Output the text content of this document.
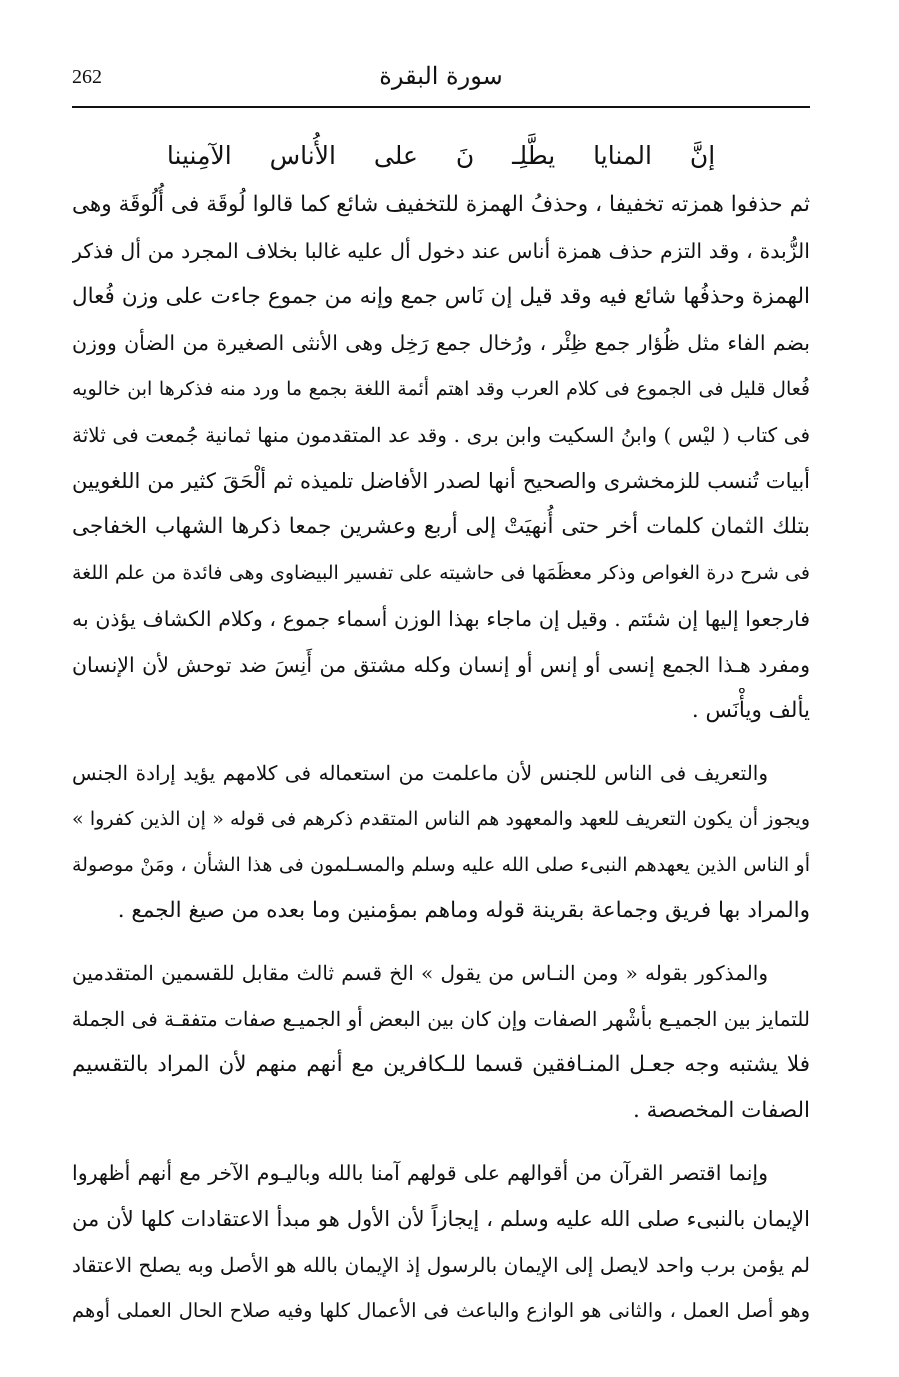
262	سورة البقرة
إنَّ المنايا يطَّلِـ نَ على الأُناس الآمِنينا
ثم حذفوا همزته تخفيفا ، وحذفُ الهمزة للتخفيف شائع كما قالوا لُوقَة فى أُلُوقَة وهى
الزُّبدة ، وقد التزم حذف همزة أناس عند دخول أل عليه غالبا بخلاف المجرد من أل فذكر
الهمزة وحذفُها شائع فيه وقد قيل إن نَاس جمع وإنه من جموع جاءت على وزن فُعال
بضم الفاء مثل ظُؤار جمع ظِئْر ، ورُخال جمع رَخِل وهى الأنثى الصغيرة من الضأن ووزن
فُعال قليل فى الجموع فى كلام العرب وقد اهتم أئمة اللغة بجمع ما ورد منه فذكرها ابن خالويه
فى كتاب ( ليْس ) وابنُ السكيت وابن برى . وقد عد المتقدمون منها ثمانية جُمعت فى ثلاثة
أبيات تُنسب للزمخشرى والصحيح أنها لصدر الأفاضل تلميذه ثم ألْحَقَ كثير من اللغويين
بتلك الثمان كلمات أخر حتى أُنهيَتْ إلى أربع وعشرين جمعا ذكرها الشهاب الخفاجى
فى شرح درة الغواص وذكر معظَمَها فى حاشيته على تفسير البيضاوى وهى فائدة من علم اللغة
فارجعوا إليها إن شئتم . وقيل إن ماجاء بهذا الوزن أسماء جموع ، وكلام الكشاف يؤذن به
ومفرد هـذا الجمع إنسى أو إنس أو إنسان وكله مشتق من أَنِسَ ضد توحش لأن الإنسان
يألف ويأْنَس .
والتعريف فى الناس للجنس لأن ماعلمت من استعماله فى كلامهم يؤيد إرادة الجنس
ويجوز أن يكون التعريف للعهد والمعهود هم الناس المتقدم ذكرهم فى قوله « إن الذين كفروا »
أو الناس الذين يعهدهم النبىء صلى الله عليه وسلم والمسـلمون فى هذا الشأن ، ومَنْ موصولة
والمراد بها فريق وجماعة بقرينة قوله وماهم بمؤمنين وما بعده من صيغ الجمع .
والمذكور بقوله « ومن النـاس من يقول » الخ قسم ثالث مقابل للقسمين المتقدمين
للتمايز بين الجميـع بأشْهر الصفات وإن كان بين البعض أو الجميـع صفات متفقـة فى الجملة
فلا يشتبه وجه جعـل المنـافقين قسما للـكافرين مع أنهم منهم لأن المراد بالتقسيم
الصفات المخصصة .
وإنما اقتصر القرآن من أقوالهم على قولهم آمنا بالله وباليـوم الآخر مع أنهم أظهروا
الإيمان بالنبىء صلى الله عليه وسلم ، إيجازاً لأن الأول هو مبدأ الاعتقادات كلها لأن من
لم يؤمن برب واحد لايصل إلى الإيمان بالرسول إذ الإيمان بالله هو الأصل وبه يصلح الاعتقاد
وهو أصل العمل ، والثانى هو الوازع والباعث فى الأعمال كلها وفيه صلاح الحال العملى أوهم
